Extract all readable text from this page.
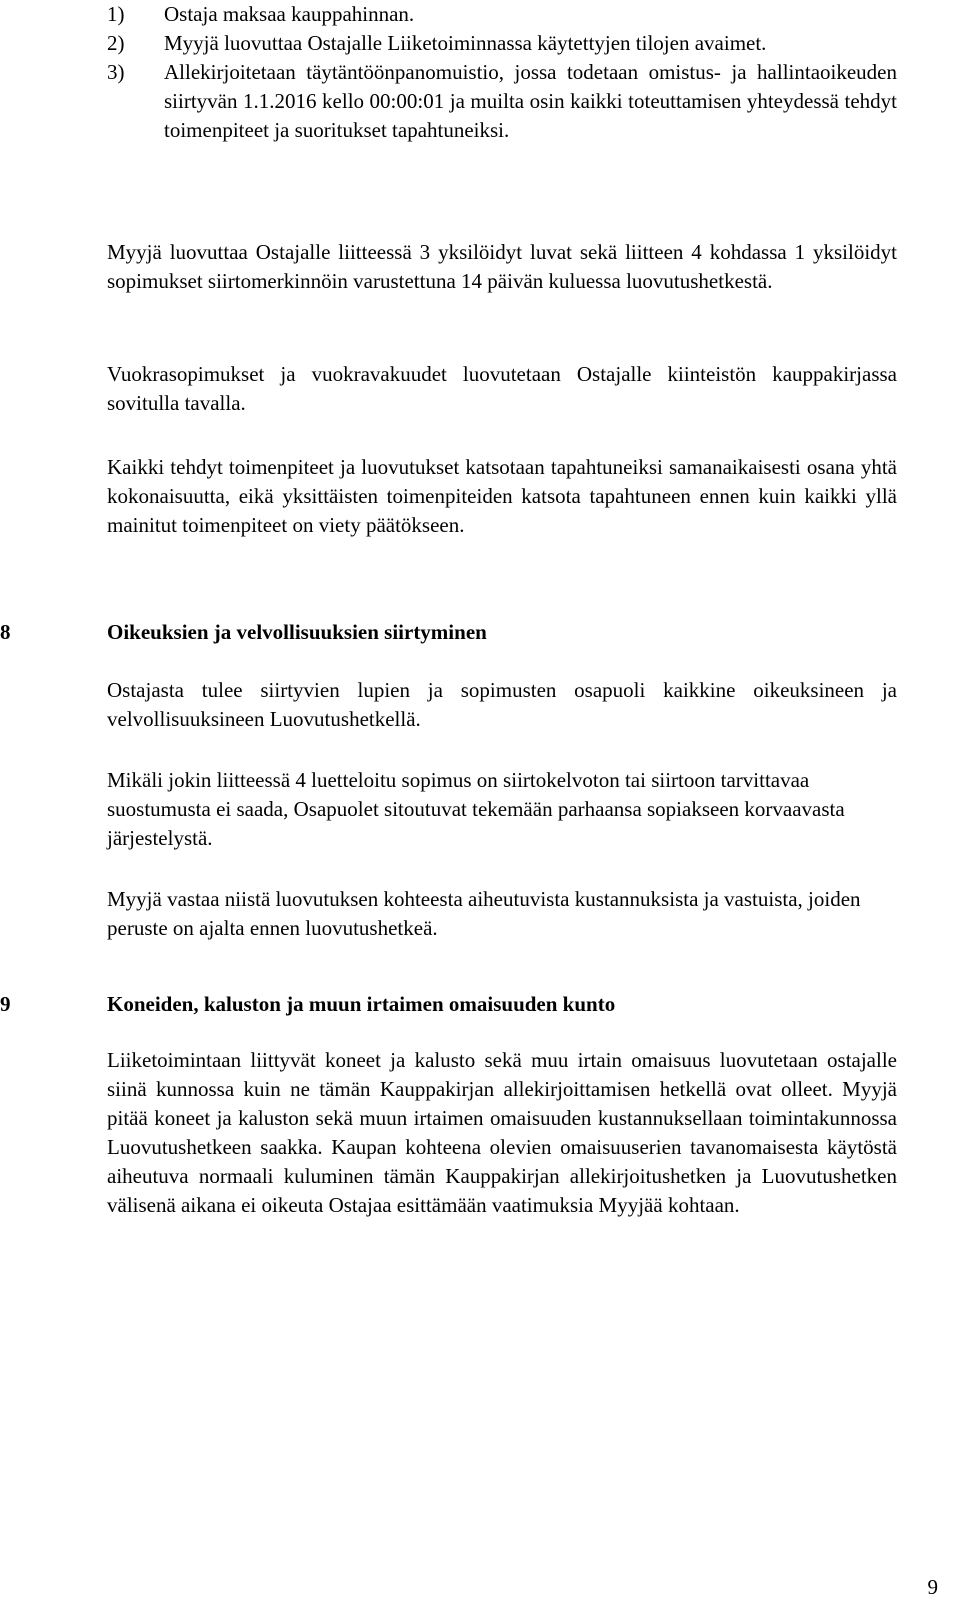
1) Ostaja maksaa kauppahinnan.
2) Myyjä luovuttaa Ostajalle Liiketoiminnassa käytettyjen tilojen avaimet.
3) Allekirjoitetaan täytäntöönpanomuistio, jossa todetaan omistus- ja hallintaoikeuden siirtyvän 1.1.2016 kello 00:00:01 ja muilta osin kaikki toteuttamisen yhteydessä tehdyt toimenpiteet ja suoritukset tapahtuneiksi.

Myyjä luovuttaa Ostajalle liitteessä 3 yksilöidyt luvat sekä liitteen 4 kohdassa 1 yksilöidyt sopimukset siirtomerkinnöin varustettuna 14 päivän kuluessa luovutushetkestä.

Vuokrasopimukset ja vuokravakuudet luovutetaan Ostajalle kiinteistön kauppakirjassa sovitulla tavalla.

Kaikki tehdyt toimenpiteet ja luovutukset katsotaan tapahtuneiksi samanaikaisesti osana yhtä kokonaisuutta, eikä yksittäisten toimenpiteiden katsota tapahtuneen ennen kuin kaikki yllä mainitut toimenpiteet on viety päätökseen.

8	Oikeuksien ja velvollisuuksien siirtyminen

Ostajasta tulee siirtyvien lupien ja sopimusten osapuoli kaikkine oikeuksineen ja velvollisuuksineen Luovutushetkellä.

Mikäli jokin liitteessä 4 luetteloitu sopimus on siirtokelvoton tai siirtoon tarvittavaa suostumusta ei saada, Osapuolet sitoutuvat tekemään parhaansa sopiakseen korvaavasta järjestelystä.

Myyjä vastaa niistä luovutuksen kohteesta aiheutuvista kustannuksista ja vastuista, joiden peruste on ajalta ennen luovutushetkeä.

9	Koneiden, kaluston ja muun irtaimen omaisuuden kunto

Liiketoimintaan liittyvät koneet ja kalusto sekä muu irtain omaisuus luovutetaan ostajalle siinä kunnossa kuin ne tämän Kauppakirjan allekirjoittamisen hetkellä ovat olleet. Myyjä pitää koneet ja kaluston sekä muun irtaimen omaisuuden kustannuksellaan toimintakunnossa Luovutushetkeen saakka. Kaupan kohteena olevien omaisuuserien tavanomaisesta käytöstä aiheutuva normaali kuluminen tämän Kauppakirjan allekirjoitushetken ja Luovutushetken välisenä aikana ei oikeuta Ostajaa esittämään vaatimuksia Myyjää kohtaan.

9
